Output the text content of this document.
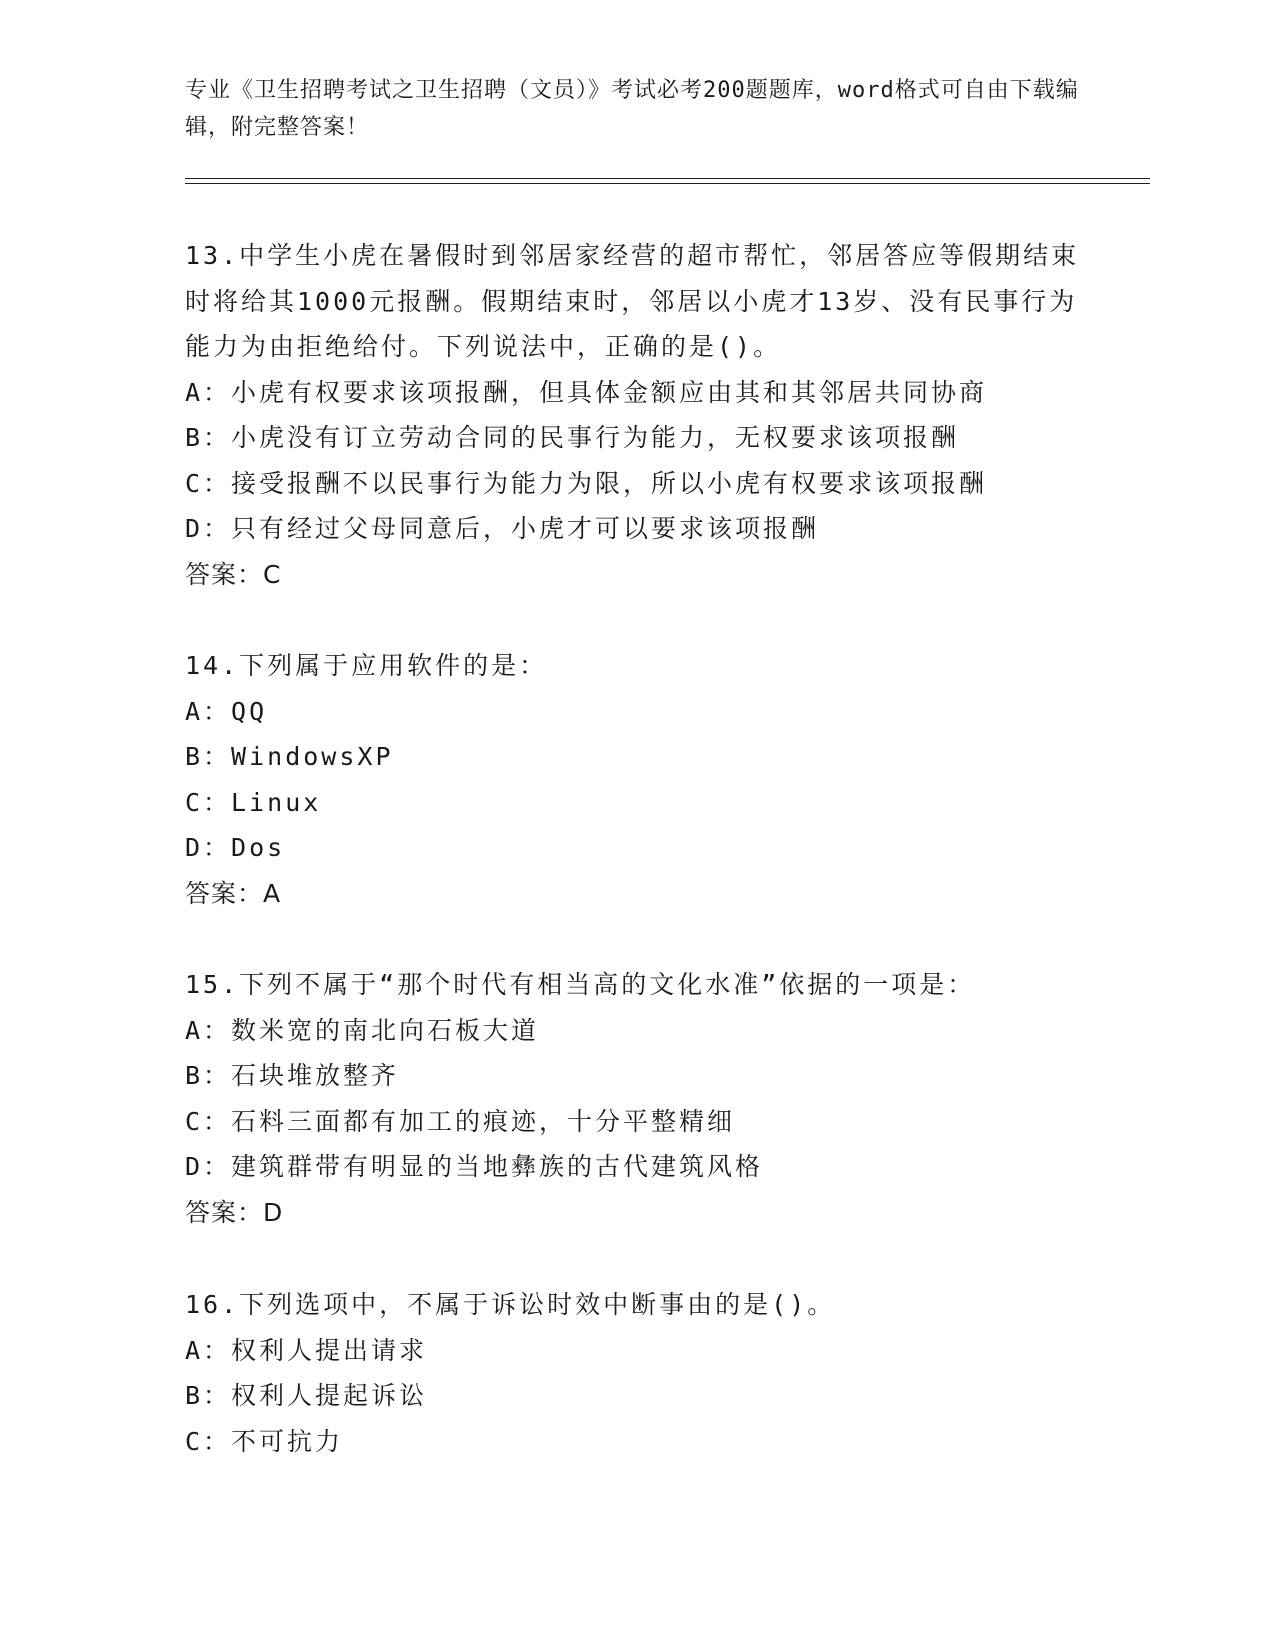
专业《卫生招聘考试之卫生招聘（文员）》考试必考200题题库，word格式可自由下载编辑，附完整答案！

13.中学生小虎在暑假时到邻居家经营的超市帮忙，邻居答应等假期结束时将给其1000元报酬。假期结束时，邻居以小虎才13岁、没有民事行为能力为由拒绝给付。下列说法中，正确的是()。

A：小虎有权要求该项报酬，但具体金额应由其和其邻居共同协商

B：小虎没有订立劳动合同的民事行为能力，无权要求该项报酬

C：接受报酬不以民事行为能力为限，所以小虎有权要求该项报酬

D：只有经过父母同意后，小虎才可以要求该项报酬

答案：C

14.下列属于应用软件的是：

A：QQ

B：WindowsXP

C：Linux

D：Dos

答案：A

15.下列不属于“那个时代有相当高的文化水准”依据的一项是：

A：数米宽的南北向石板大道

B：石块堆放整齐

C：石料三面都有加工的痕迹，十分平整精细

D：建筑群带有明显的当地彝族的古代建筑风格

答案：D

16.下列选项中，不属于诉讼时效中断事由的是()。

A：权利人提出请求

B：权利人提起诉讼

C：不可抗力
